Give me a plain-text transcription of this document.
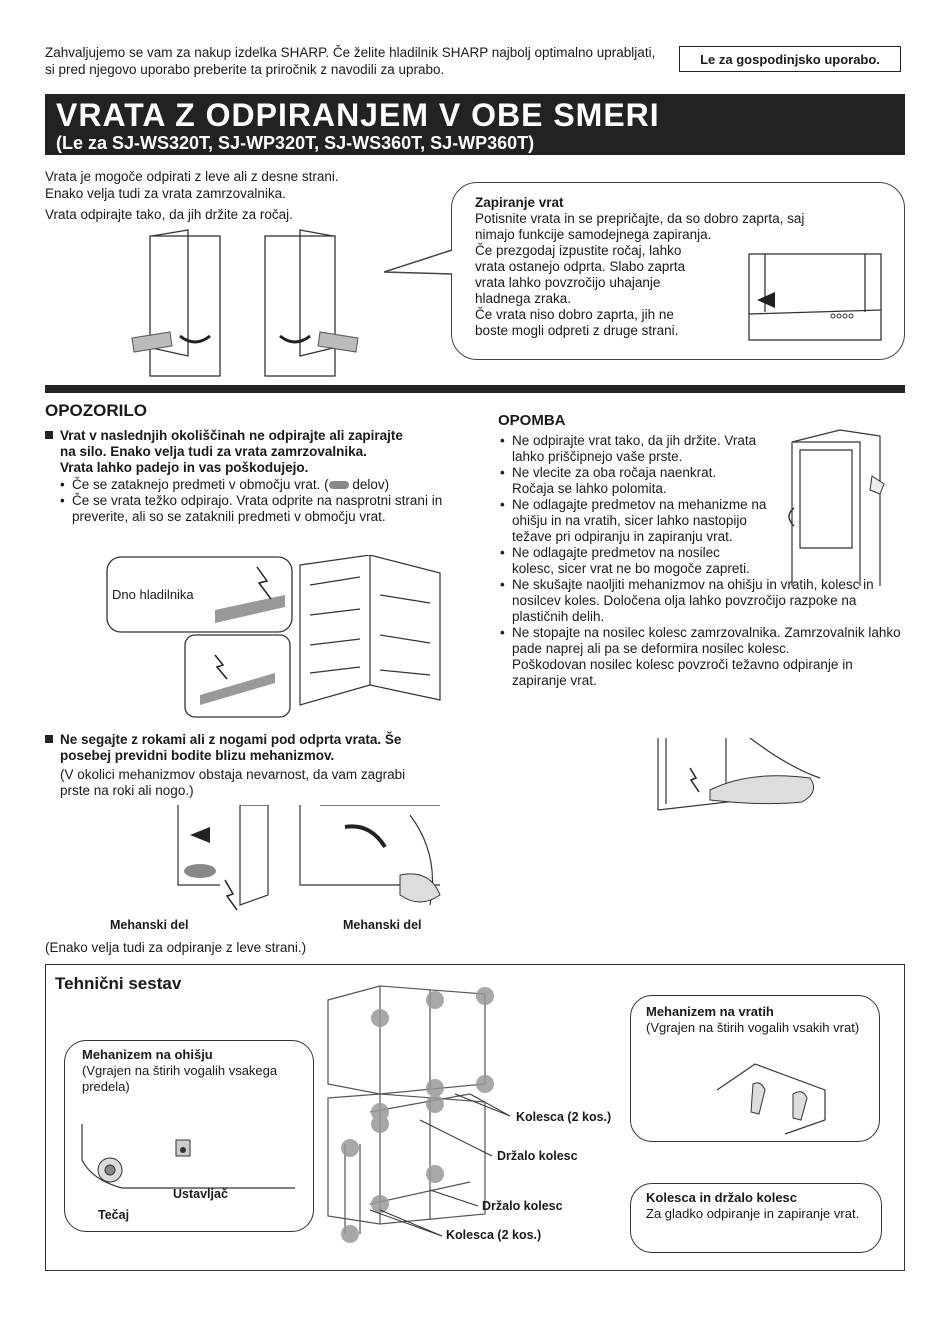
Zahvaljujemo se vam za nakup izdelka SHARP. Če želite hladilnik SHARP najbolj optimalno uprabljati, si pred njegovo uporabo preberite ta priročnik z navodili za uprabo.
Le za gospodinjsko uporabo.
VRATA Z ODPIRANJEM V OBE SMERI
(Le za SJ-WS320T, SJ-WP320T, SJ-WS360T, SJ-WP360T)
Vrata je mogoče odpirati z leve ali z desne strani.
Enako velja tudi za vrata zamrzovalnika.
Vrata odpirajte tako, da jih držite za ročaj.
Zapiranje vrat
Potisnite vrata in se prepričajte, da so dobro zaprta, saj
nimajo funkcije samodejnega zapiranja.
Če prezgodaj izpustite ročaj, lahko
vrata ostanejo odprta. Slabo zaprta
vrata lahko povzročijo uhajanje
hladnega zraka.
Če vrata niso dobro zaprta, jih ne
boste mogli odpreti z druge strani.
OPOZORILO
Vrat v naslednjih okoliščinah ne odpirajte ali zapirajte
na silo. Enako velja tudi za vrata zamrzovalnika.
Vrata lahko padejo in vas poškodujejo.
• Če se zataknejo predmeti v območju vrat. ( delov)
• Če se vrata težko odpirajo. Vrata odprite na nasprotni strani in preverite, ali so se zataknili predmeti v območju vrat.
Dno hladilnika
Ne segajte z rokami ali z nogami pod odprta vrata. Še
posebej previdni bodite blizu mehanizmov.
(V okolici mehanizmov obstaja nevarnost, da vam zagrabi
prste na roki ali nogo.)
Mehanski del	Mehanski del
(Enako velja tudi za odpiranje z leve strani.)
OPOMBA
• Ne odpirajte vrat tako, da jih držite. Vrata lahko priščipnejo vaše prste.
• Ne vlecite za oba ročaja naenkrat. Ročaja se lahko polomita.
• Ne odlagajte predmetov na mehanizme na ohišju in na vratih, sicer lahko nastopijo težave pri odpiranju in zapiranju vrat.
• Ne odlagajte predmetov na nosilec kolesc, sicer vrat ne bo mogoče zapreti.
• Ne skušajte naoljiti mehanizmov na ohišju in vratih, kolesc in nosilcev koles. Določena olja lahko povzročijo razpoke na plastičnih delih.
• Ne stopajte na nosilec kolesc zamrzovalnika. Zamrzovalnik lahko pade naprej ali pa se deformira nosilec kolesc.
Poškodovan nosilec kolesc povzroči težavno odpiranje in zapiranje vrat.
Tehnični sestav
Mehanizem na ohišju
(Vgrajen na štirih vogalih vsakega predela)
Tečaj
Ustavljač
Kolesca (2 kos.)
Držalo kolesc
Držalo kolesc
Kolesca (2 kos.)
Mehanizem na vratih
(Vgrajen na štirih vogalih vsakih vrat)
Kolesca in držalo kolesc
Za gladko odpiranje in zapiranje vrat.
